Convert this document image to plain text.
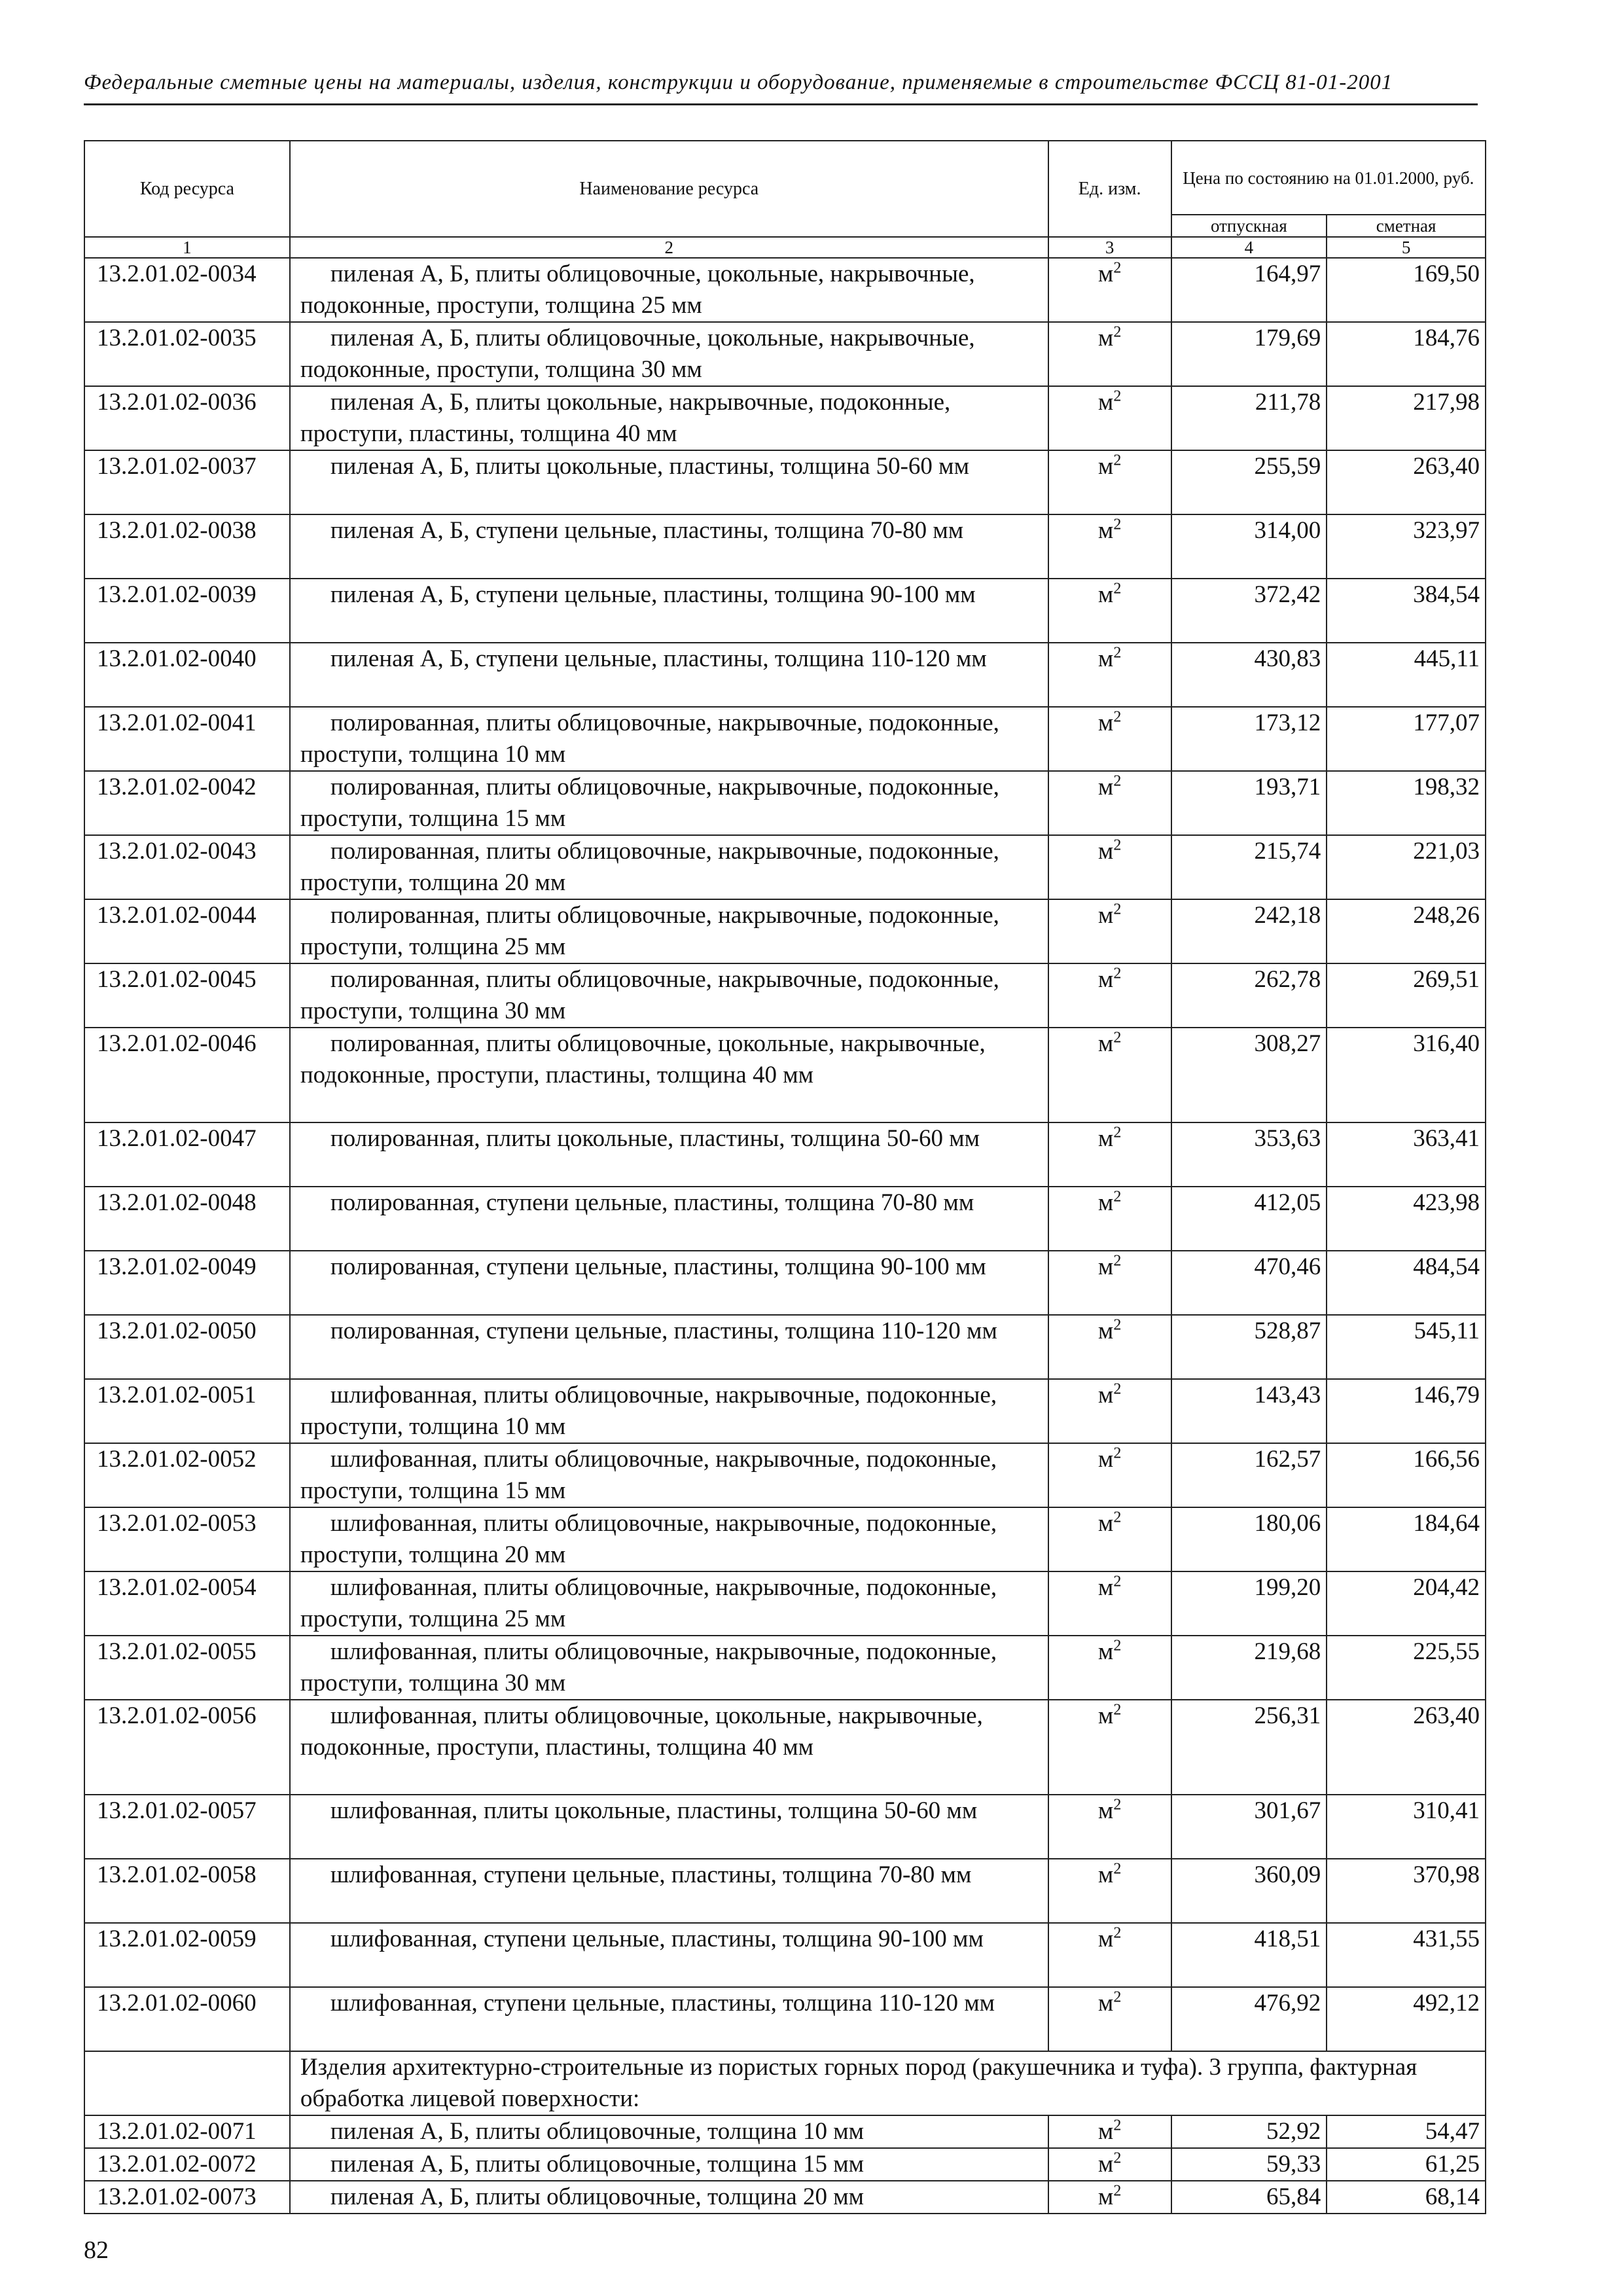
Федеральные сметные цены на материалы, изделия, конструкции и оборудование, применяемые в строительстве ФССЦ 81-01-2001
Код ресурса	Наименование ресурса	Ед. изм.	Цена по состоянию на 01.01.2000, руб.	
			отпускная	сметная
1	2	3	4	5
13.2.01.02-0034	пиленая А, Б, плиты облицовочные, цокольные, накрывочные, подоконные, проступи, толщина 25 мм	$м^2$	164,97	169,50
13.2.01.02-0035	пиленая А, Б, плиты облицовочные, цокольные, накрывочные, подоконные, проступи, толщина 30 мм	$м^2$	179,69	184,76
13.2.01.02-0036	пиленая А, Б, плиты цокольные, накрывочные, подоконные, проступи, пластины, толщина 40 мм	$м^2$	211,78	217,98
13.2.01.02-0037	пиленая А, Б, плиты цокольные, пластины, толщина 50-60 мм	$м^2$	255,59	263,40
13.2.01.02-0038	пиленая А, Б, ступени цельные, пластины, толщина 70-80 мм	$м^2$	314,00	323,97
13.2.01.02-0039	пиленая А, Б, ступени цельные, пластины, толщина 90-100 мм	$м^2$	372,42	384,54
13.2.01.02-0040	пиленая А, Б, ступени цельные, пластины, толщина 110-120 мм	$м^2$	430,83	445,11
13.2.01.02-0041	полированная, плиты облицовочные, накрывочные, подоконные, проступи, толщина 10 мм	$м^2$	173,12	177,07
13.2.01.02-0042	полированная, плиты облицовочные, накрывочные, подоконные, проступи, толщина 15 мм	$м^2$	193,71	198,32
13.2.01.02-0043	полированная, плиты облицовочные, накрывочные, подоконные, проступи, толщина 20 мм	$м^2$	215,74	221,03
13.2.01.02-0044	полированная, плиты облицовочные, накрывочные, подоконные, проступи, толщина 25 мм	$м^2$	242,18	248,26
13.2.01.02-0045	полированная, плиты облицовочные, накрывочные, подоконные, проступи, толщина 30 мм	$м^2$	262,78	269,51
13.2.01.02-0046	полированная, плиты облицовочные, цокольные, накрывочные, подоконные, проступи, пластины, толщина 40 мм	$м^2$	308,27	316,40
13.2.01.02-0047	полированная, плиты цокольные, пластины, толщина 50-60 мм	$м^2$	353,63	363,41
13.2.01.02-0048	полированная, ступени цельные, пластины, толщина 70-80 мм	$м^2$	412,05	423,98
13.2.01.02-0049	полированная, ступени цельные, пластины, толщина 90-100 мм	$м^2$	470,46	484,54
13.2.01.02-0050	полированная, ступени цельные, пластины, толщина 110-120 мм	$м^2$	528,87	545,11
13.2.01.02-0051	шлифованная, плиты облицовочные, накрывочные, подоконные, проступи, толщина 10 мм	$м^2$	143,43	146,79
13.2.01.02-0052	шлифованная, плиты облицовочные, накрывочные, подоконные, проступи, толщина 15 мм	$м^2$	162,57	166,56
13.2.01.02-0053	шлифованная, плиты облицовочные, накрывочные, подоконные, проступи, толщина 20 мм	$м^2$	180,06	184,64
13.2.01.02-0054	шлифованная, плиты облицовочные, накрывочные, подоконные, проступи, толщина 25 мм	$м^2$	199,20	204,42
13.2.01.02-0055	шлифованная, плиты облицовочные, накрывочные, подоконные, проступи, толщина 30 мм	$м^2$	219,68	225,55
13.2.01.02-0056	шлифованная, плиты облицовочные, цокольные, накрывочные, подоконные, проступи, пластины, толщина 40 мм	$м^2$	256,31	263,40
13.2.01.02-0057	шлифованная, плиты цокольные, пластины, толщина 50-60 мм	$м^2$	301,67	310,41
13.2.01.02-0058	шлифованная, ступени цельные, пластины, толщина 70-80 мм	$м^2$	360,09	370,98
13.2.01.02-0059	шлифованная, ступени цельные, пластины, толщина 90-100 мм	$м^2$	418,51	431,55
13.2.01.02-0060	шлифованная, ступени цельные, пластины, толщина 110-120 мм	$м^2$	476,92	492,12
	Изделия архитектурно-строительные из пористых горных пород (ракушечника и туфа). 3 группа, фактурная обработка лицевой поверхности:			
13.2.01.02-0071	пиленая А, Б, плиты облицовочные, толщина 10 мм	$м^2$	52,92	54,47
13.2.01.02-0072	пиленая А, Б, плиты облицовочные, толщина 15 мм	$м^2$	59,33	61,25
13.2.01.02-0073	пиленая А, Б, плиты облицовочные, толщина 20 мм	$м^2$	65,84	68,14
82
